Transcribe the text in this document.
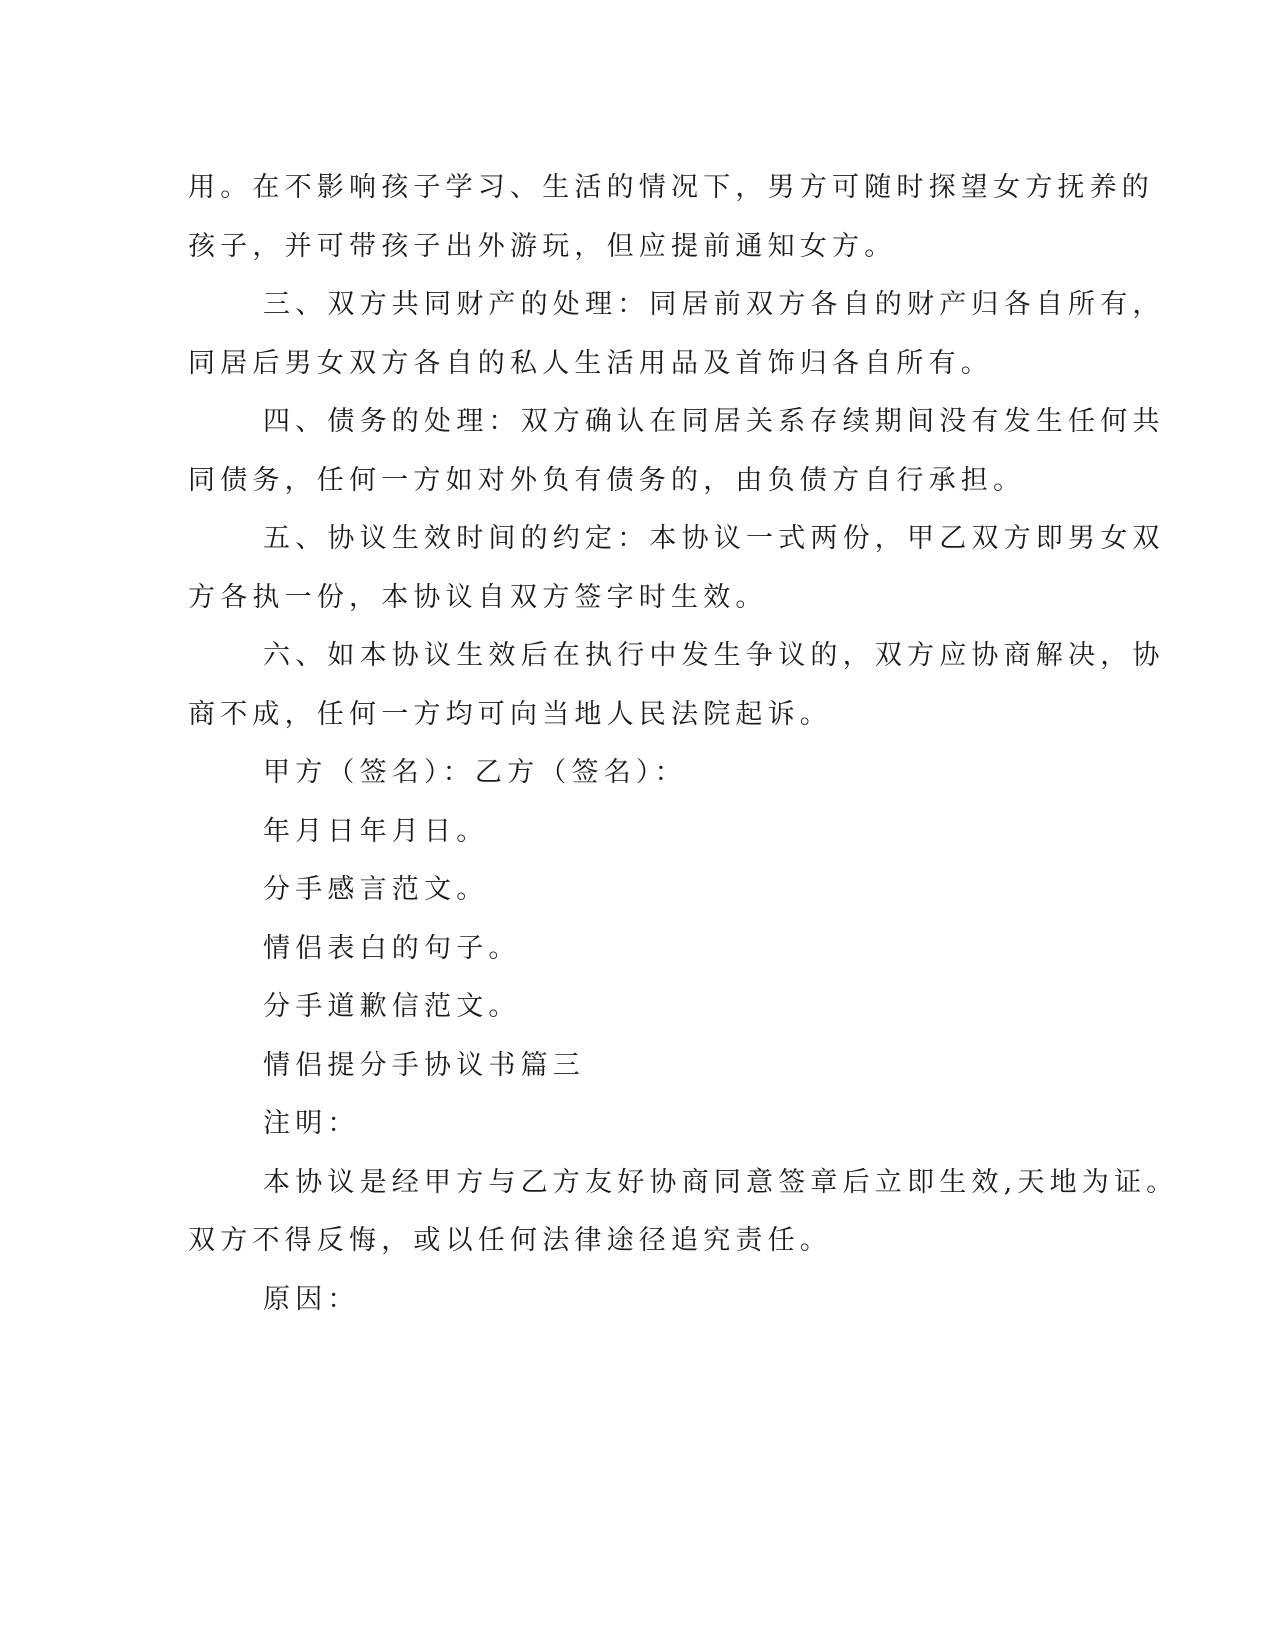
用。在不影响孩子学习、生活的情况下，男方可随时探望女方抚养的

孩子，并可带孩子出外游玩，但应提前通知女方。

三、双方共同财产的处理：同居前双方各自的财产归各自所有，

同居后男女双方各自的私人生活用品及首饰归各自所有。

四、债务的处理：双方确认在同居关系存续期间没有发生任何共

同债务，任何一方如对外负有债务的，由负债方自行承担。

五、协议生效时间的约定：本协议一式两份，甲乙双方即男女双

方各执一份，本协议自双方签字时生效。

六、如本协议生效后在执行中发生争议的，双方应协商解决，协

商不成，任何一方均可向当地人民法院起诉。

甲方（签名）：乙方（签名）：

年月日年月日。

分手感言范文。

情侣表白的句子。

分手道歉信范文。

情侣提分手协议书篇三

注明：

本协议是经甲方与乙方友好协商同意签章后立即生效,天地为证。

双方不得反悔，或以任何法律途径追究责任。

原因：
